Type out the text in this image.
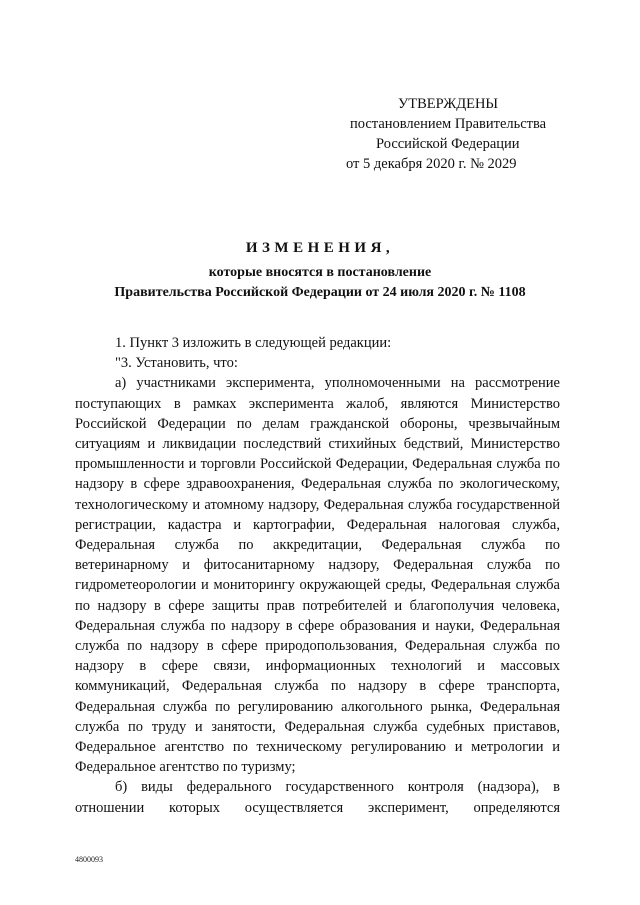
УТВЕРЖДЕНЫ
постановлением Правительства
Российской Федерации
от 5 декабря 2020 г. № 2029
ИЗМЕНЕНИЯ,
которые вносятся в постановление
Правительства Российской Федерации от 24 июля 2020 г. № 1108

1. Пункт 3 изложить в следующей редакции:

"3. Установить, что:

а) участниками эксперимента, уполномоченными на рассмотрение поступающих в рамках эксперимента жалоб, являются Министерство Российской Федерации по делам гражданской обороны, чрезвычайным ситуациям и ликвидации последствий стихийных бедствий, Министерство промышленности и торговли Российской Федерации, Федеральная служба по надзору в сфере здравоохранения, Федеральная служба по экологическому, технологическому и атомному надзору, Федеральная служба государственной регистрации, кадастра и картографии, Федеральная налоговая служба, Федеральная служба по аккредитации, Федеральная служба по ветеринарному и фитосанитарному надзору, Федеральная служба по гидрометеорологии и мониторингу окружающей среды, Федеральная служба по надзору в сфере защиты прав потребителей и благополучия человека, Федеральная служба по надзору в сфере образования и науки, Федеральная служба по надзору в сфере природопользования, Федеральная служба по надзору в сфере связи, информационных технологий и массовых коммуникаций, Федеральная служба по надзору в сфере транспорта, Федеральная служба по регулированию алкогольного рынка, Федеральная служба по труду и занятости, Федеральная служба судебных приставов, Федеральное агентство по техническому регулированию и метрологии и Федеральное агентство по туризму;

б) виды федерального государственного контроля (надзора), в отношении которых осуществляется эксперимент, определяются

4800093
